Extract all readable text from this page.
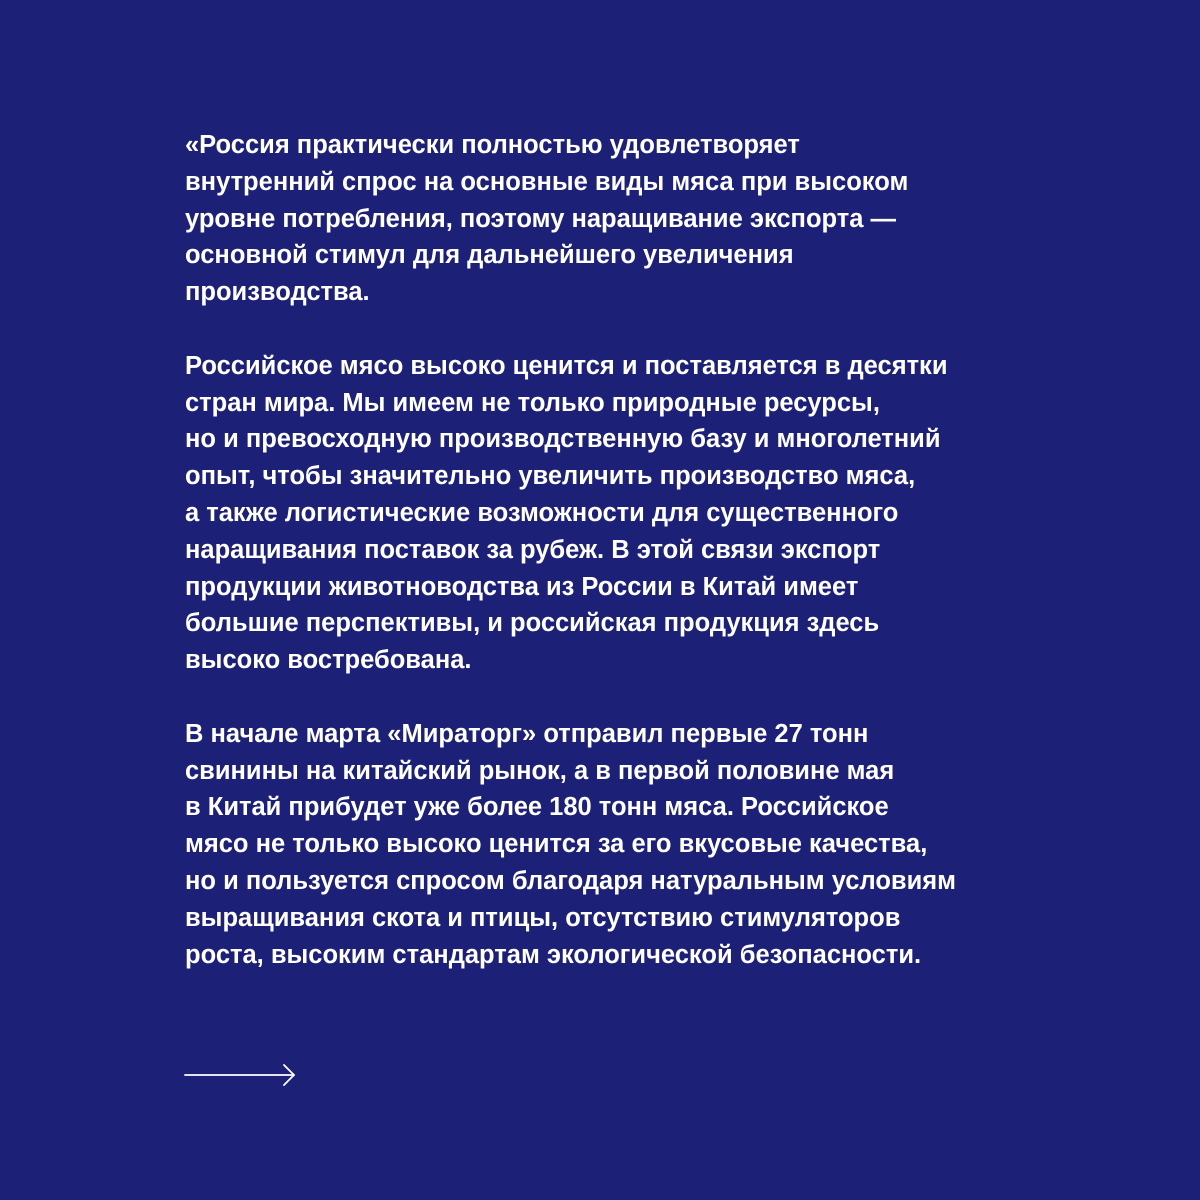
«Россия практически полностью удовлетворяет
внутренний спрос на основные виды мяса при высоком
уровне потребления, поэтому наращивание экспорта —
основной стимул для дальнейшего увеличения
производства.

Российское мясо высоко ценится и поставляется в десятки
стран мира. Мы имеем не только природные ресурсы,
но и превосходную производственную базу и многолетний
опыт, чтобы значительно увеличить производство мяса,
а также логистические возможности для существенного
наращивания поставок за рубеж. В этой связи экспорт
продукции животноводства из России в Китай имеет
большие перспективы, и российская продукция здесь
высоко востребована.

В начале марта «Мираторг» отправил первые 27 тонн
свинины на китайский рынок, а в первой половине мая
в Китай прибудет уже более 180 тонн мяса. Российское
мясо не только высоко ценится за его вкусовые качества,
но и пользуется спросом благодаря натуральным условиям
выращивания скота и птицы, отсутствию стимуляторов
роста, высоким стандартам экологической безопасности.
